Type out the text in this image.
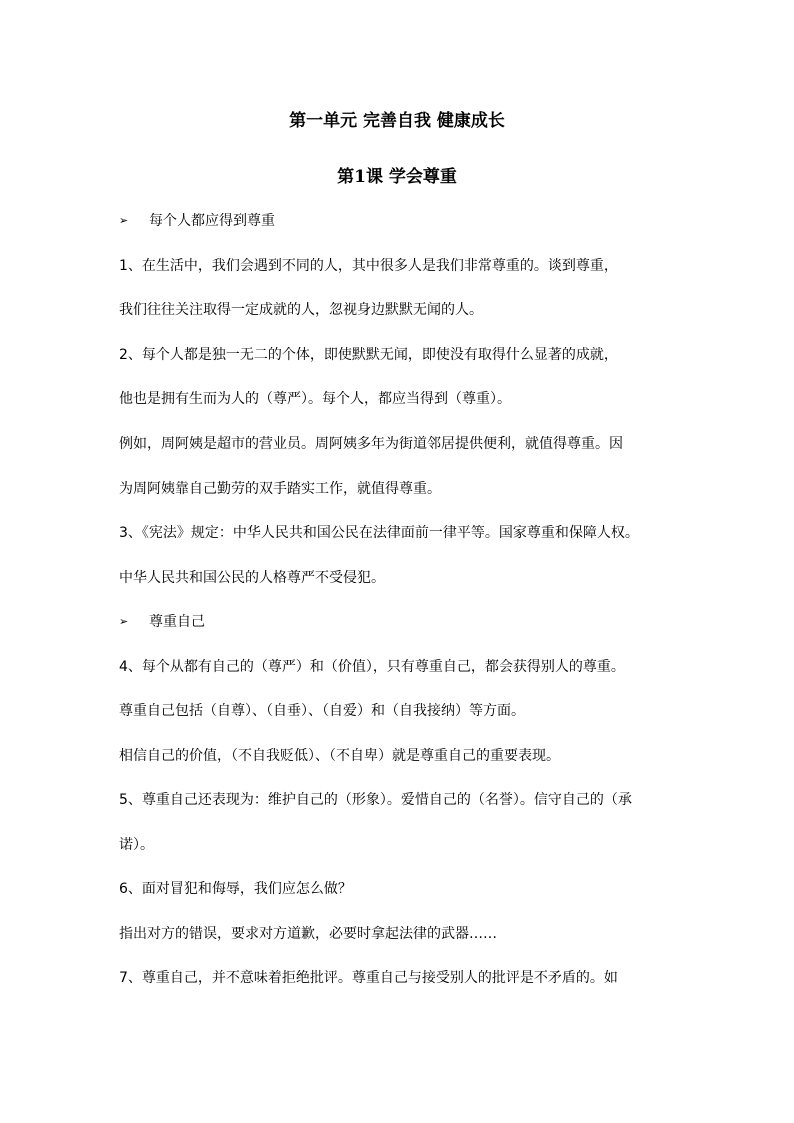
第一单元 完善自我 健康成长
第1课 学会尊重
➢ 每个人都应得到尊重
1、在生活中，我们会遇到不同的人，其中很多人是我们非常尊重的。谈到尊重，
我们往往关注取得一定成就的人，忽视身边默默无闻的人。
2、每个人都是独一无二的个体，即使默默无闻，即使没有取得什么显著的成就，
他也是拥有生而为人的（尊严）。每个人，都应当得到（尊重）。
例如，周阿姨是超市的营业员。周阿姨多年为街道邻居提供便利，就值得尊重。因
为周阿姨靠自己勤劳的双手踏实工作，就值得尊重。
3、《宪法》规定：中华人民共和国公民在法律面前一律平等。国家尊重和保障人权。
中华人民共和国公民的人格尊严不受侵犯。
➢ 尊重自己
4、每个从都有自己的（尊严）和（价值），只有尊重自己，都会获得别人的尊重。
尊重自己包括（自尊）、（自垂）、（自爱）和（自我接纳）等方面。
相信自己的价值，（不自我贬低）、（不自卑）就是尊重自己的重要表现。
5、尊重自己还表现为：维护自己的（形象）。爱惜自己的（名誉）。信守自己的（承
诺）。
6、面对冒犯和侮辱，我们应怎么做？
指出对方的错误，要求对方道歉，必要时拿起法律的武器……
7、尊重自己，并不意味着拒绝批评。尊重自己与接受别人的批评是不矛盾的。如
